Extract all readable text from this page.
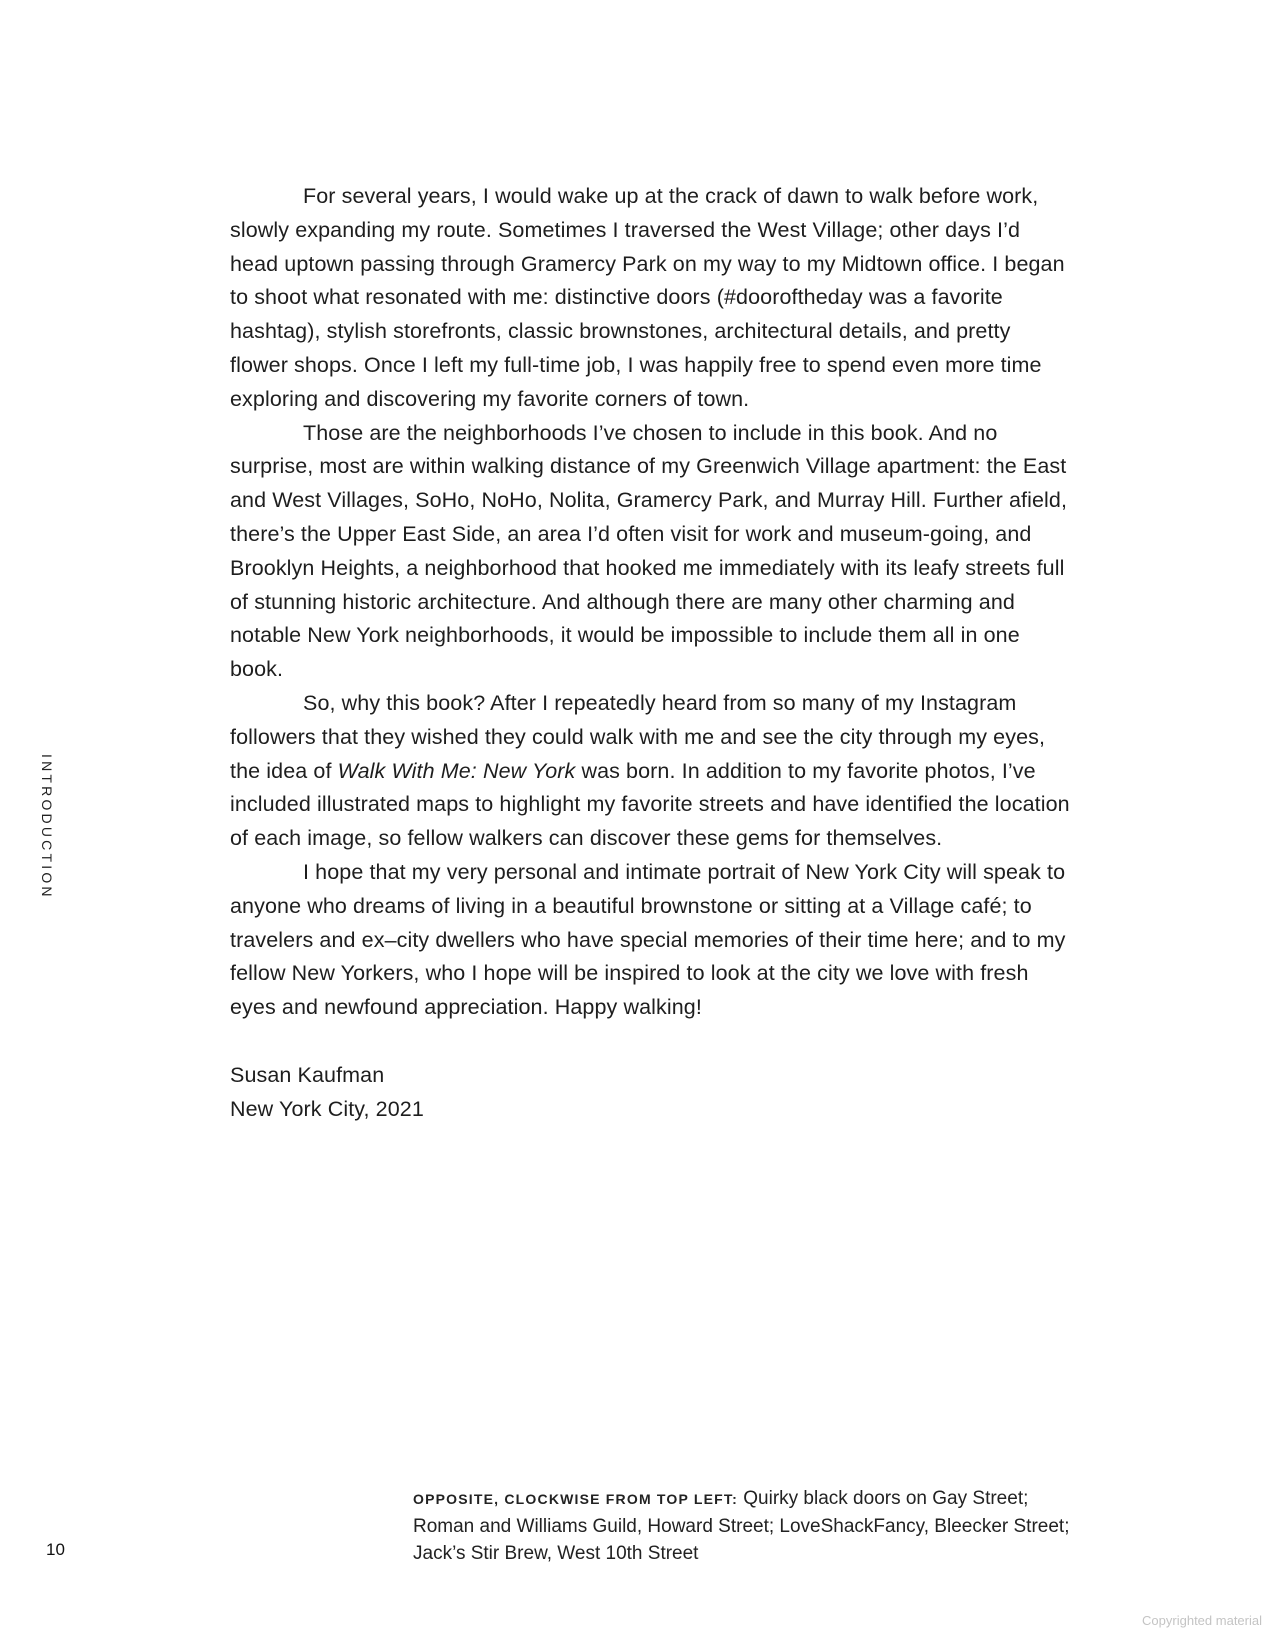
INTRODUCTION

For several years, I would wake up at the crack of dawn to walk before work, slowly expanding my route. Sometimes I traversed the West Village; other days I’d head uptown passing through Gramercy Park on my way to my Midtown office. I began to shoot what resonated with me: distinctive doors (#dooroftheday was a favorite hashtag), stylish storefronts, classic brownstones, architectural details, and pretty flower shops. Once I left my full-time job, I was happily free to spend even more time exploring and discovering my favorite corners of town.

Those are the neighborhoods I’ve chosen to include in this book. And no surprise, most are within walking distance of my Greenwich Village apartment: the East and West Villages, SoHo, NoHo, Nolita, Gramercy Park, and Murray Hill. Further afield, there’s the Upper East Side, an area I’d often visit for work and museum-going, and Brooklyn Heights, a neighborhood that hooked me immediately with its leafy streets full of stunning historic architecture. And although there are many other charming and notable New York neighborhoods, it would be impossible to include them all in one book.

So, why this book? After I repeatedly heard from so many of my Instagram followers that they wished they could walk with me and see the city through my eyes, the idea of Walk With Me: New York was born. In addition to my favorite photos, I’ve included illustrated maps to highlight my favorite streets and have identified the location of each image, so fellow walkers can discover these gems for themselves.

I hope that my very personal and intimate portrait of New York City will speak to anyone who dreams of living in a beautiful brownstone or sitting at a Village café; to travelers and ex–city dwellers who have special memories of their time here; and to my fellow New Yorkers, who I hope will be inspired to look at the city we love with fresh eyes and newfound appreciation. Happy walking!

Susan Kaufman
New York City, 2021
OPPOSITE, CLOCKWISE FROM TOP LEFT: Quirky black doors on Gay Street; Roman and Williams Guild, Howard Street; LoveShackFancy, Bleecker Street; Jack’s Stir Brew, West 10th Street
10
Copyrighted material
